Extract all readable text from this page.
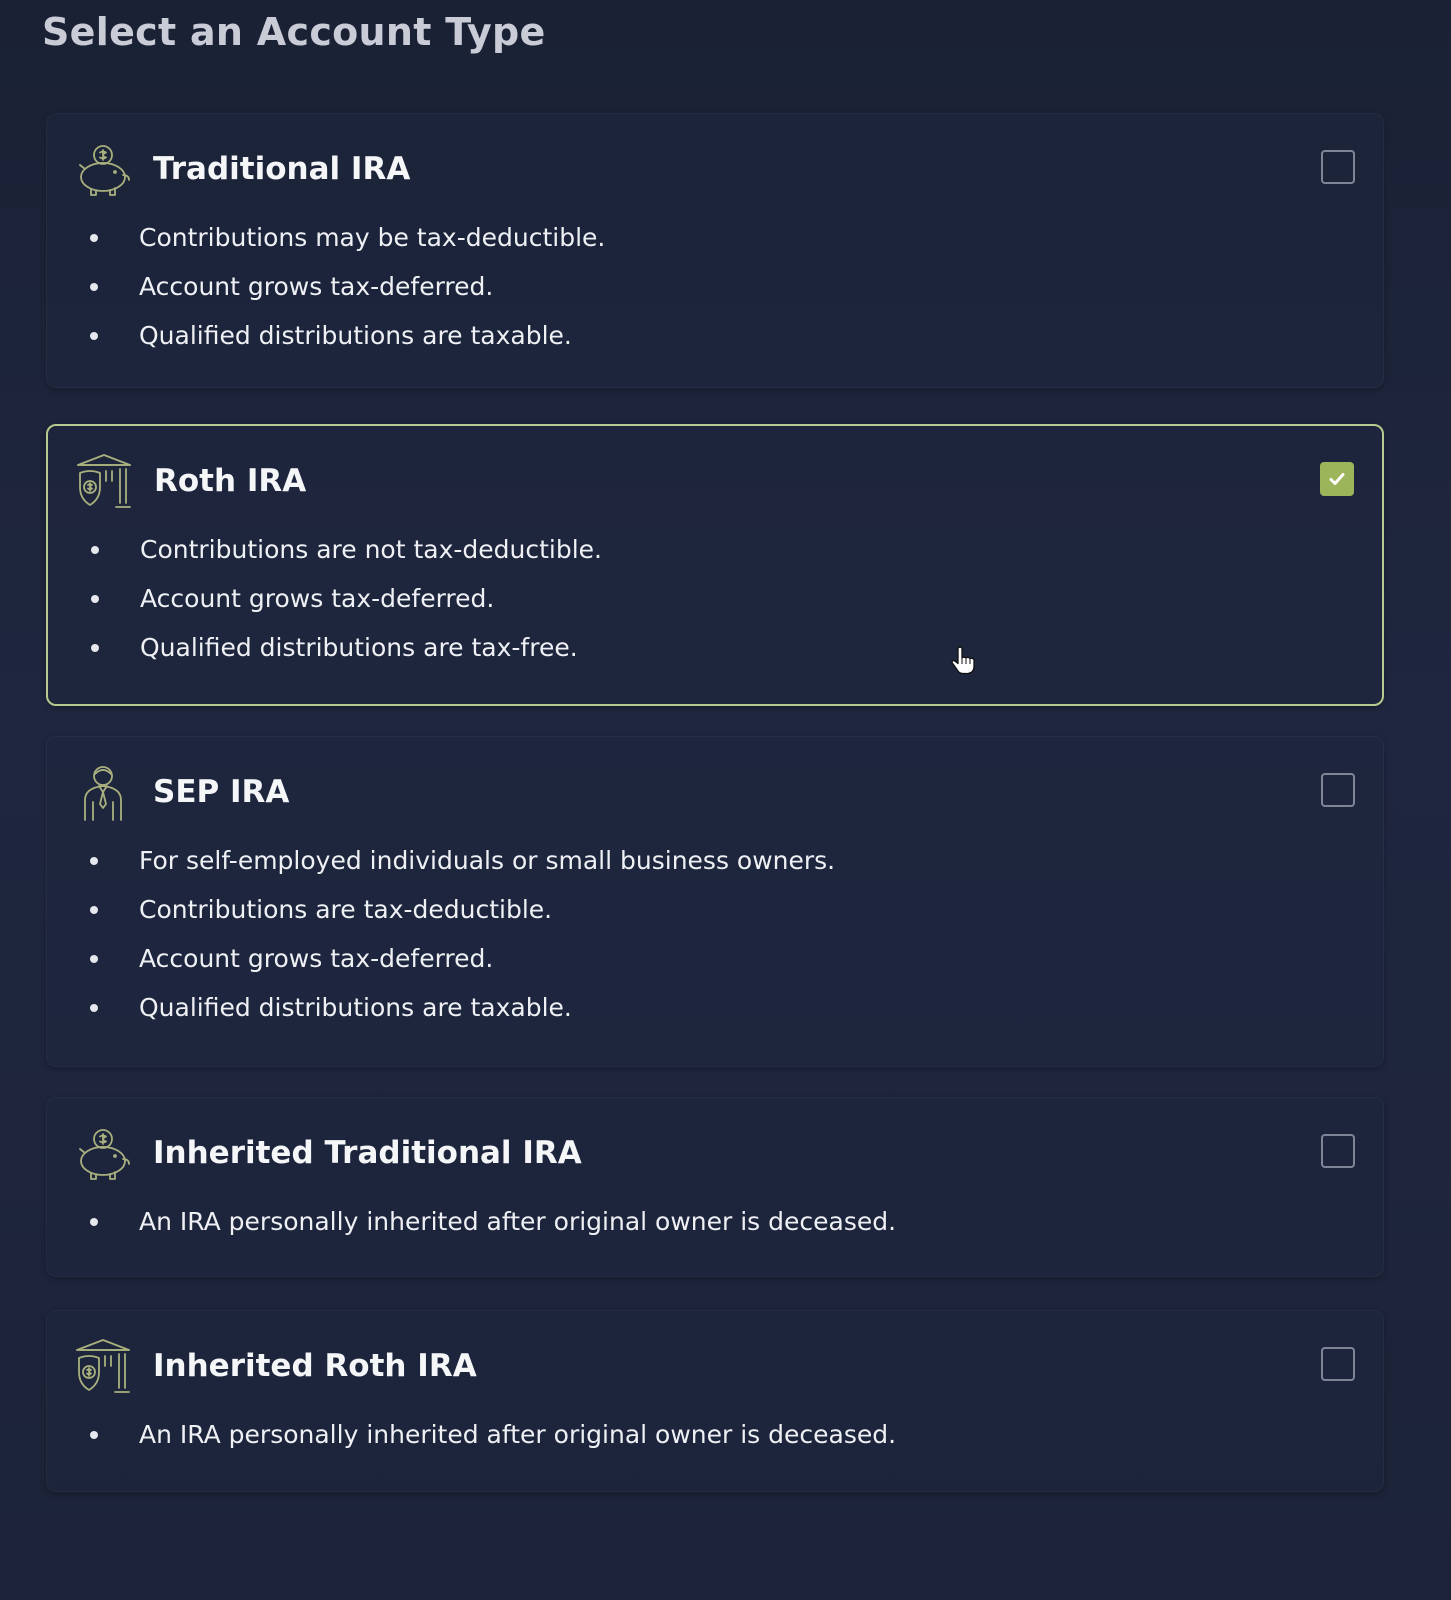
Select an Account Type
Traditional IRA
Contributions may be tax-deductible.
Account grows tax-deferred.
Qualified distributions are taxable.
Roth IRA
Contributions are not tax-deductible.
Account grows tax-deferred.
Qualified distributions are tax-free.
SEP IRA
For self-employed individuals or small business owners.
Contributions are tax-deductible.
Account grows tax-deferred.
Qualified distributions are taxable.
Inherited Traditional IRA
An IRA personally inherited after original owner is deceased.
Inherited Roth IRA
An IRA personally inherited after original owner is deceased.
